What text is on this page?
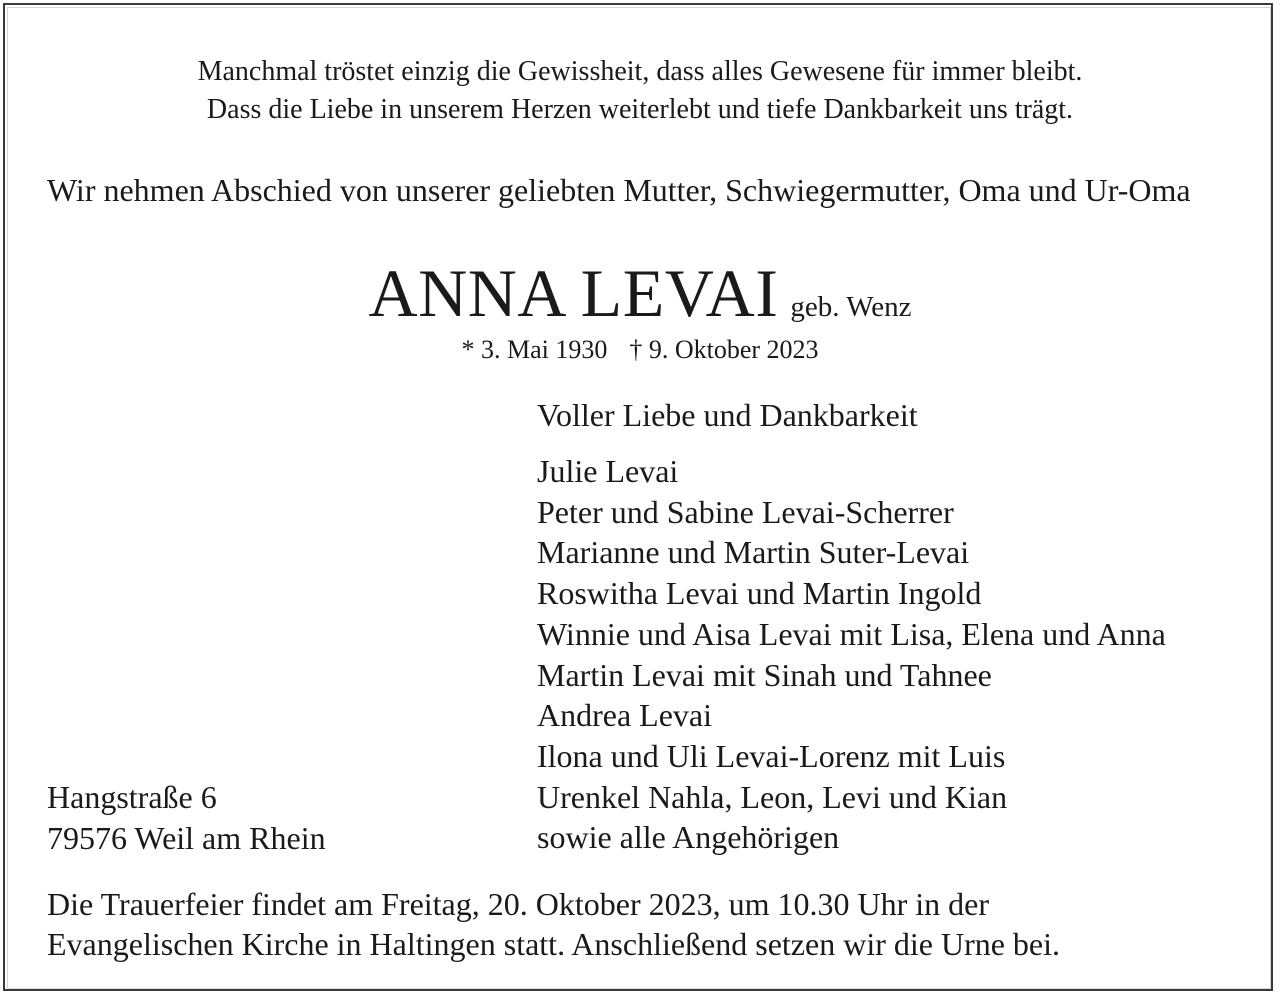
Manchmal tröstet einzig die Gewissheit, dass alles Gewesene für immer bleibt.
Dass die Liebe in unserem Herzen weiterlebt und tiefe Dankbarkeit uns trägt.
Wir nehmen Abschied von unserer geliebten Mutter, Schwiegermutter, Oma und Ur-Oma
ANNA LEVAI geb. Wenz
* 3. Mai 1930 † 9. Oktober 2023
Voller Liebe und Dankbarkeit
Julie Levai
Peter und Sabine Levai-Scherrer
Marianne und Martin Suter-Levai
Roswitha Levai und Martin Ingold
Winnie und Aisa Levai mit Lisa, Elena und Anna
Martin Levai mit Sinah und Tahnee
Andrea Levai
Ilona und Uli Levai-Lorenz mit Luis
Urenkel Nahla, Leon, Levi und Kian
sowie alle Angehörigen
Hangstraße 6
79576 Weil am Rhein
Die Trauerfeier findet am Freitag, 20. Oktober 2023, um 10.30 Uhr in der
Evangelischen Kirche in Haltingen statt. Anschließend setzen wir die Urne bei.
